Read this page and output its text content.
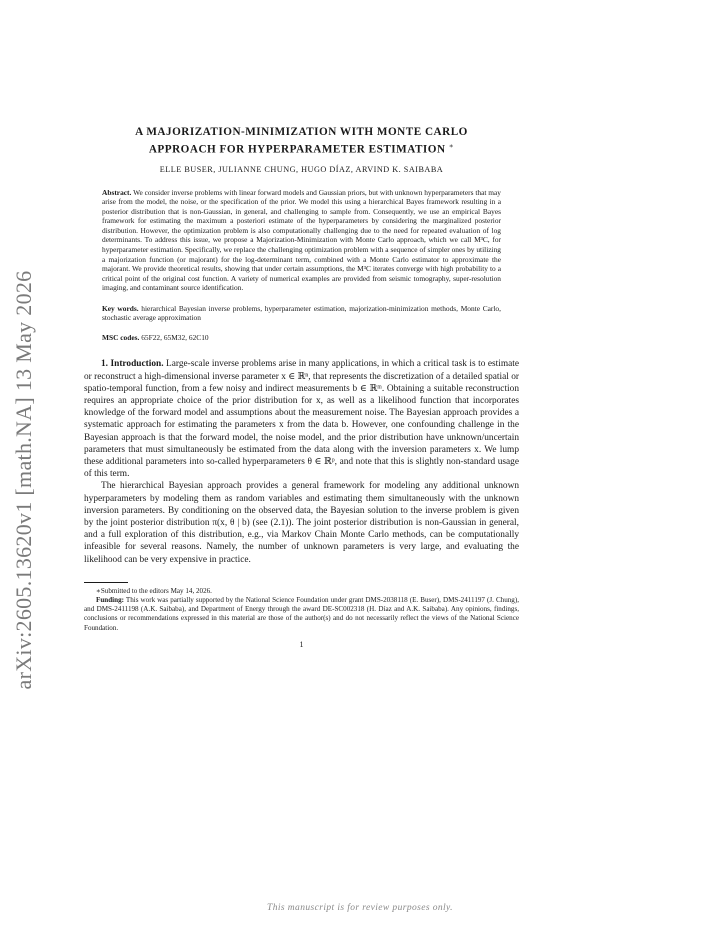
arXiv:2605.13620v1 [math.NA] 13 May 2026
A MAJORIZATION-MINIMIZATION WITH MONTE CARLO
APPROACH FOR HYPERPARAMETER ESTIMATION ∗
ELLE BUSER, JULIANNE CHUNG, HUGO DÍAZ, ARVIND K. SAIBABA
Abstract. We consider inverse problems with linear forward models and Gaussian priors, but with unknown hyperparameters that may arise from the model, the noise, or the specification of the prior. We model this using a hierarchical Bayes framework resulting in a posterior distribution that is non-Gaussian, in general, and challenging to sample from. Consequently, we use an empirical Bayes framework for estimating the maximum a posteriori estimate of the hyperparameters by considering the marginalized posterior distribution. However, the optimization problem is also computationally challenging due to the need for repeated evaluation of log determinants. To address this issue, we propose a Majorization-Minimization with Monte Carlo approach, which we call M³C, for hyperparameter estimation. Specifically, we replace the challenging optimization problem with a sequence of simpler ones by utilizing a majorization function (or majorant) for the log-determinant term, combined with a Monte Carlo estimator to approximate the majorant. We provide theoretical results, showing that under certain assumptions, the M³C iterates converge with high probability to a critical point of the original cost function. A variety of numerical examples are provided from seismic tomography, super-resolution imaging, and contaminant source identification.
Key words. hierarchical Bayesian inverse problems, hyperparameter estimation, majorization-minimization methods, Monte Carlo, stochastic average approximation
MSC codes. 65F22, 65M32, 62C10

1. Introduction. Large-scale inverse problems arise in many applications, in which a critical task is to estimate or reconstruct a high-dimensional inverse parameter x ∈ ℝⁿ, that represents the discretization of a detailed spatial or spatio-temporal function, from a few noisy and indirect measurements b ∈ ℝᵐ. Obtaining a suitable reconstruction requires an appropriate choice of the prior distribution for x, as well as a likelihood function that incorporates knowledge of the forward model and assumptions about the measurement noise. The Bayesian approach provides a systematic approach for estimating the parameters x from the data b. However, one confounding challenge in the Bayesian approach is that the forward model, the noise model, and the prior distribution have unknown/uncertain parameters that must simultaneously be estimated from the data along with the inversion parameters x. We lump these additional parameters into so-called hyperparameters θ ∈ ℝᵖ, and note that this is slightly non-standard usage of this term.

The hierarchical Bayesian approach provides a general framework for modeling any additional unknown hyperparameters by modeling them as random variables and estimating them simultaneously with the unknown inversion parameters. By conditioning on the observed data, the Bayesian solution to the inverse problem is given by the joint posterior distribution π(x, θ | b) (see (2.1)). The joint posterior distribution is non-Gaussian in general, and a full exploration of this distribution, e.g., via Markov Chain Monte Carlo methods, can be computationally infeasible for several reasons. Namely, the number of unknown parameters is very large, and evaluating the likelihood can be very expensive in practice.

∗Submitted to the editors May 14, 2026.

Funding: This work was partially supported by the National Science Foundation under grant DMS-2038118 (E. Buser), DMS-2411197 (J. Chung), and DMS-2411198 (A.K. Saibaba), and Department of Energy through the award DE-SC002318 (H. Díaz and A.K. Saibaba). Any opinions, findings, conclusions or recommendations expressed in this material are those of the author(s) and do not necessarily reflect the views of the National Science Foundation.

1
This manuscript is for review purposes only.
